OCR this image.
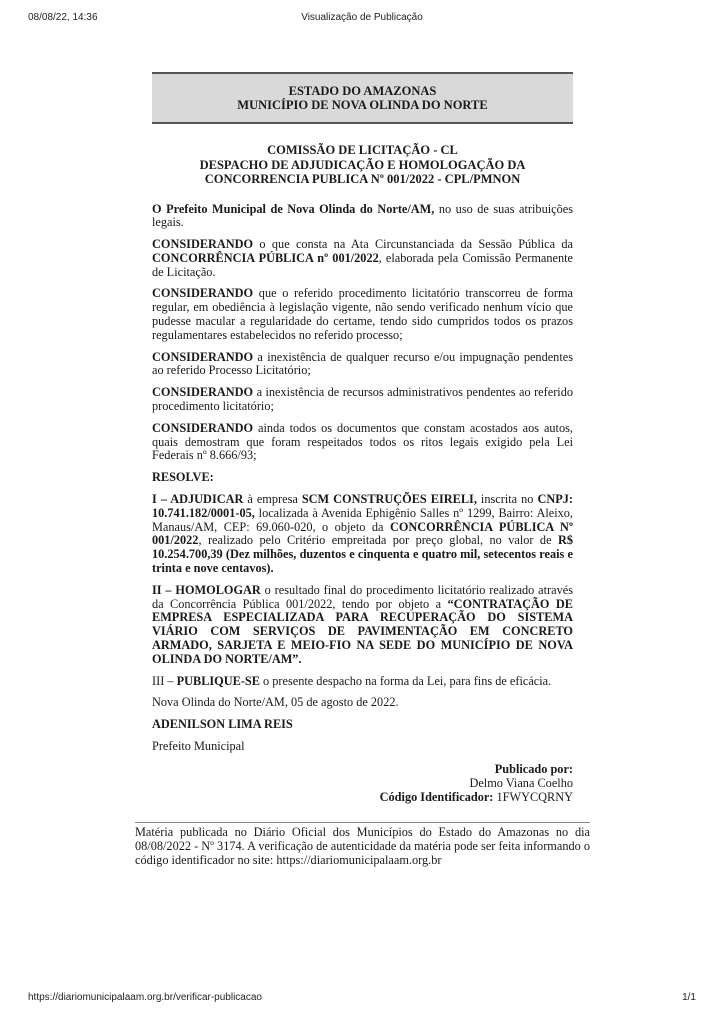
08/08/22, 14:36	Visualização de Publicação
ESTADO DO AMAZONAS
MUNICÍPIO DE NOVA OLINDA DO NORTE
COMISSÃO DE LICITAÇÃO - CL
DESPACHO DE ADJUDICAÇÃO E HOMOLOGAÇÃO DA
CONCORRENCIA PUBLICA Nº 001/2022 - CPL/PMNON

O Prefeito Municipal de Nova Olinda do Norte/AM, no uso de suas atribuições legais.

CONSIDERANDO o que consta na Ata Circunstanciada da Sessão Pública da CONCORRÊNCIA PÚBLICA nº 001/2022, elaborada pela Comissão Permanente de Licitação.

CONSIDERANDO que o referido procedimento licitatório transcorreu de forma regular, em obediência à legislação vigente, não sendo verificado nenhum vício que pudesse macular a regularidade do certame, tendo sido cumpridos todos os prazos regulamentares estabelecidos no referido processo;

CONSIDERANDO a inexistência de qualquer recurso e/ou impugnação pendentes ao referido Processo Licitatório;

CONSIDERANDO a inexistência de recursos administrativos pendentes ao referido procedimento licitatório;

CONSIDERANDO ainda todos os documentos que constam acostados aos autos, quais demostram que foram respeitados todos os ritos legais exigido pela Lei Federais nº 8.666/93;

RESOLVE:

I – ADJUDICAR à empresa SCM CONSTRUÇÕES EIRELI, inscrita no CNPJ: 10.741.182/0001-05, localizada à Avenida Ephigênio Salles nº 1299, Bairro: Aleixo, Manaus/AM, CEP: 69.060-020, o objeto da CONCORRÊNCIA PÚBLICA Nº 001/2022, realizado pelo Critério empreitada por preço global, no valor de R$ 10.254.700,39 (Dez milhões, duzentos e cinquenta e quatro mil, setecentos reais e trinta e nove centavos).

II – HOMOLOGAR o resultado final do procedimento licitatório realizado através da Concorrência Pública 001/2022, tendo por objeto a “CONTRATAÇÃO DE EMPRESA ESPECIALIZADA PARA RECUPERAÇÃO DO SISTEMA VIÁRIO COM SERVIÇOS DE PAVIMENTAÇÃO EM CONCRETO ARMADO, SARJETA E MEIO-FIO NA SEDE DO MUNICÍPIO DE NOVA OLINDA DO NORTE/AM”.

III – PUBLIQUE-SE o presente despacho na forma da Lei, para fins de eficácia.

Nova Olinda do Norte/AM, 05 de agosto de 2022.

ADENILSON LIMA REIS

Prefeito Municipal

Publicado por:
Delmo Viana Coelho
Código Identificador: 1FWYCQRNY
Matéria publicada no Diário Oficial dos Municípios do Estado do Amazonas no dia 08/08/2022 - Nº 3174. A verificação de autenticidade da matéria pode ser feita informando o código identificador no site: https://diariomunicipalaam.org.br
https://diariomunicipalaam.org.br/verificar-publicacao	1/1
